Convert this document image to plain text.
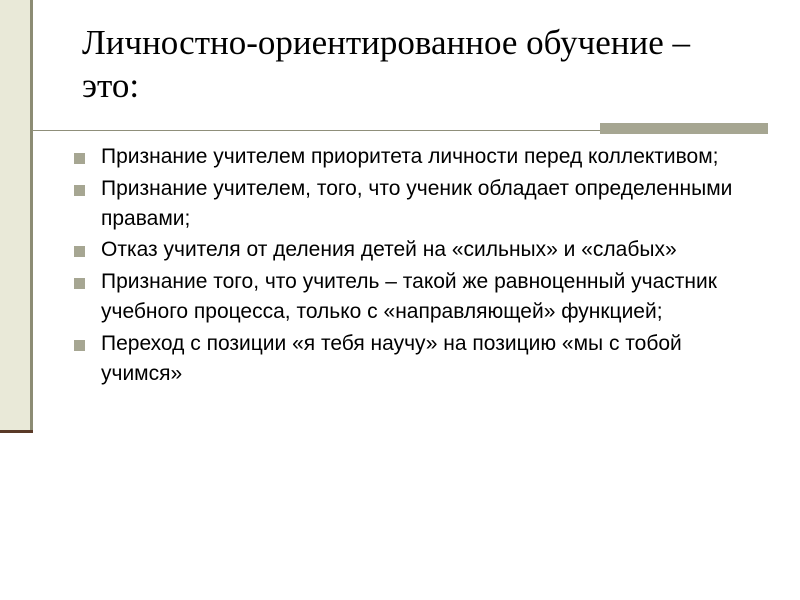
Личностно-ориентированное обучение – это:
Признание учителем приоритета личности перед коллективом;
Признание учителем, того, что ученик обладает определенными правами;
Отказ учителя от деления детей на «сильных» и «слабых»
Признание того, что учитель – такой же равноценный участник учебного процесса, только с «направляющей» функцией;
Переход с позиции «я тебя научу» на позицию «мы с тобой учимся»
